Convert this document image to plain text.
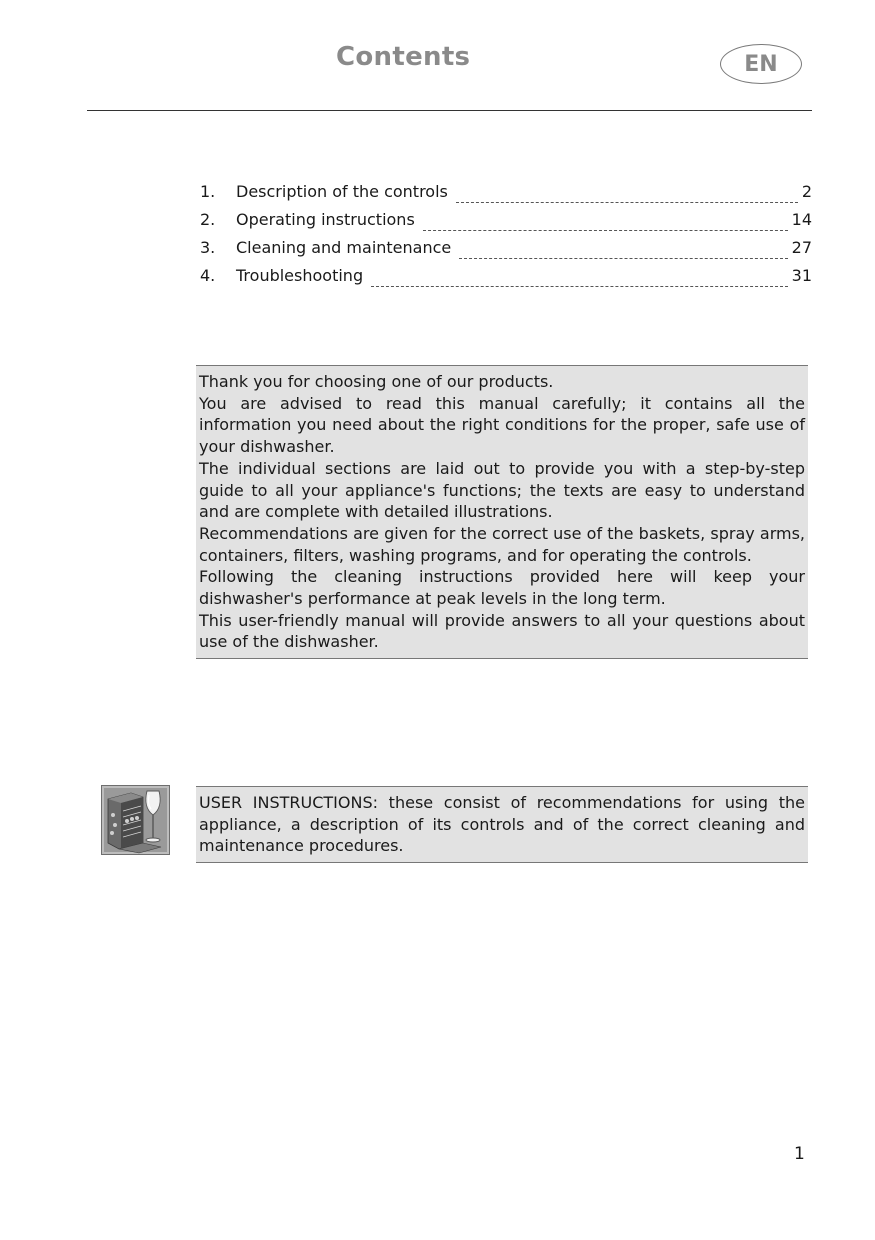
Contents	EN
1.	Description of the controls	2
2.	Operating instructions	14
3.	Cleaning and maintenance	27
4.	Troubleshooting	31

Thank you for choosing one of our products.

You are advised to read this manual carefully; it contains all the information you need about the right conditions for the proper, safe use of your dishwasher.

The individual sections are laid out to provide you with a step-by-step guide to all your appliance's functions; the texts are easy to understand and are complete with detailed illustrations.

Recommendations are given for the correct use of the baskets, spray arms, containers, filters, washing programs, and for operating the controls.

Following the cleaning instructions provided here will keep your dishwasher's performance at peak levels in the long term.

This user-friendly manual will provide answers to all your questions about use of the dishwasher.

USER INSTRUCTIONS: these consist of recommendations for using the appliance, a description of its controls and of the correct cleaning and maintenance procedures.

1
